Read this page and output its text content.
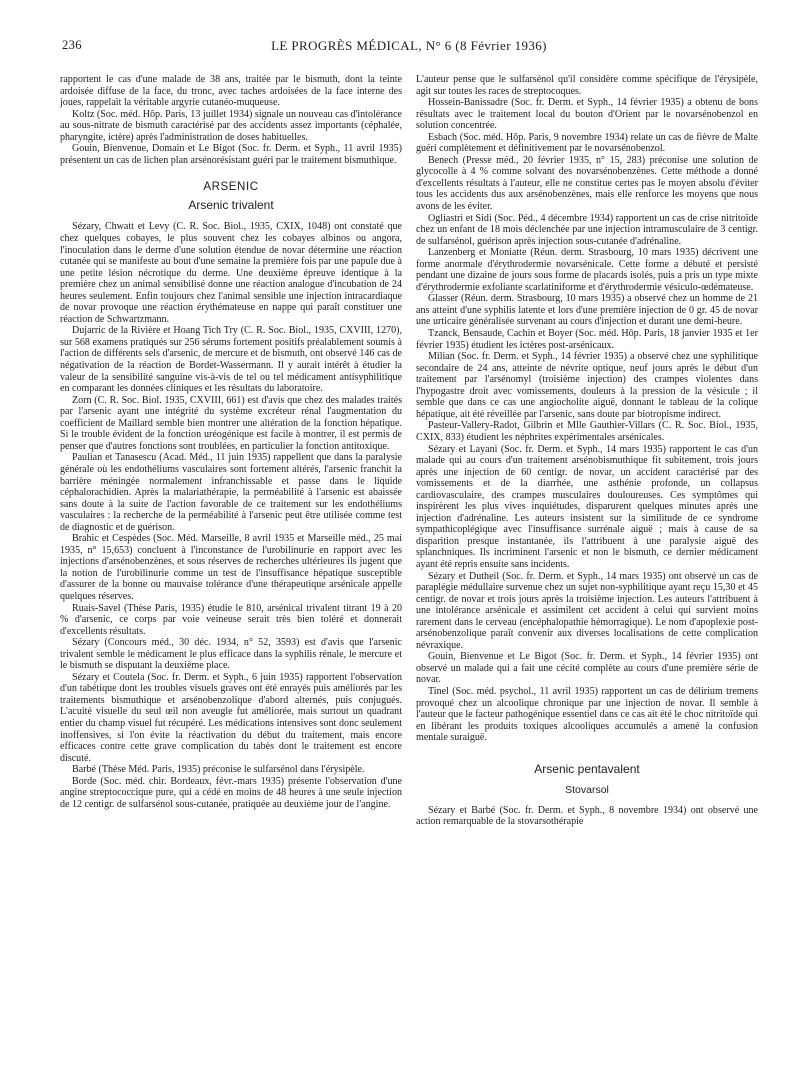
236	LE PROGRÈS MÉDICAL, N° 6 (8 Février 1936)

rapportent le cas d'une malade de 38 ans, traitée par le bismuth, dont la teinte ardoisée diffuse de la face, du tronc, avec taches ardoisées de la face interne des joues, rappelait la véritable argyrie cutanéo-muqueuse.

Koltz (Soc. méd. Hôp. Paris, 13 juillet 1934) signale un nouveau cas d'intolérance au sous-nitrate de bismuth caractérisé par des accidents assez importants (céphalée, pharyngite, ictère) après l'administration de doses habituelles.

Gouin, Bienvenue, Domain et Le Bigot (Soc. fr. Derm. et Syph., 11 avril 1935) présentent un cas de lichen plan arsénorésistant guéri par le traitement bismuthique.

ARSENIC
Arsenic trivalent

Sézary, Chwatt et Levy (C. R. Soc. Biol., 1935, CXIX, 1048) ont constaté que chez quelques cobayes, le plus souvent chez les cobayes albinos ou angora, l'inoculation dans le derme d'une solution étendue de novar détermine une réaction cutanée qui se manifeste au bout d'une semaine la première fois par une papule due à une petite lésion nécrotique du derme. Une deuxième épreuve identique à la première chez un animal sensibilisé donne une réaction analogue d'incubation de 24 heures seulement. Enfin toujours chez l'animal sensible une injection intracardiaque de novar provoque une réaction érythémateuse en nappe qui paraît constituer une réaction de Schwartzmann.

Dujarric de la Rivière et Hoang Tich Try (C. R. Soc. Biol., 1935, CXVIII, 1270), sur 568 examens pratiqués sur 256 sérums fortement positifs préalablement soumis à l'action de différents sels d'arsenic, de mercure et de bismuth, ont observé 146 cas de négativation de la réaction de Bordet-Wassermann. Il y aurait intérêt à étudier la valeur de la sensibilité sanguine vis-à-vis de tel ou tel médicament antisyphilitique en comparant les données cliniques et les résultats du laboratoire.

Zorn (C. R. Soc. Biol. 1935, CXVIII, 661) est d'avis que chez des malades traités par l'arsenic ayant une intégrité du système excréteur rénal l'augmentation du coefficient de Maillard semble bien montrer une altération de la fonction hépatique. Si le trouble évident de la fonction uréogénique est facile à montrer, il est permis de penser que d'autres fonctions sont troublées, en particulier la fonction antitoxique.

Paulian et Tanasescu (Acad. Méd., 11 juin 1935) rappellent que dans la paralysie générale où les endothéliums vasculaires sont fortement altérés, l'arsenic franchit la barrière méningée normalement infranchissable et passe dans le liquide céphalorachidien. Après la malariathérapie, la perméabilité à l'arsenic est abaissée sans doute à la suite de l'action favorable de ce traitement sur les endothéliums vasculaires : la recherche de la perméabilité à l'arsenic peut être utilisée comme test de diagnostic et de guérison.

Brahic et Cespèdes (Soc. Méd. Marseille, 8 avril 1935 et Marseille méd., 25 mai 1935, n° 15,653) concluent à l'inconstance de l'urobilinurie en rapport avec les injections d'arsénobenzènes, et sous réserves de recherches ultérieures ils jugent que la notion de l'urobilinurie comme un test de l'insuffisance hépatique susceptible d'assurer de la bonne ou mauvaise tolérance d'une thérapeutique arsénicale appelle quelques réserves.

Ruais-Savel (Thèse Paris, 1935) étudie le 810, arsénical trivalent titrant 19 à 20 % d'arsenic, ce corps par voie veineuse serait très bien toléré et donnerait d'excellents résultats.

Sézary (Concours méd., 30 déc. 1934, n° 52, 3593) est d'avis que l'arsenic trivalent semble le médicament le plus efficace dans la syphilis rénale, le mercure et le bismuth se disputant la deuxième place.

Sézary et Coutela (Soc. fr. Derm. et Syph., 6 juin 1935) rapportent l'observation d'un tabétique dont les troubles visuels graves ont été enrayés puis améliorés par les traitements bismuthique et arsénobenzolique d'abord alternés, puis conjugués. L'acuité visuelle du seul œil non aveugle fut améliorée, mais surtout un quadrant entier du champ visuel fut récupéré. Les médications intensives sont donc seulement inoffensives, si l'on évite la réactivation du début du traitement, mais encore efficaces contre cette grave complication du tabès dont le traitement est encore discuté.

Barbé (Thèse Méd. Paris, 1935) préconise le sulfarsénol dans l'érysipèle.

Borde (Soc. méd. chir. Bordeaux, févr.-mars 1935) présente l'observation d'une angine streptococcique pure, qui a cédé en moins de 48 heures à une seule injection de 12 centigr. de sulfarsénol sous-cutanée, pratiquée au deuxième jour de l'angine.

L'auteur pense que le sulfarsénol qu'il considère comme spécifique de l'érysipèle, agit sur toutes les races de streptocoques.

Hossein-Banissadre (Soc. fr. Derm. et Syph., 14 février 1935) a obtenu de bons résultats avec le traitement local du bouton d'Orient par le novarsénobenzol en solution concentrée.

Esbach (Soc. méd. Hôp. Paris, 9 novembre 1934) relate un cas de fièvre de Malte guéri complètement et définitivement par le novarsénobenzol.

Benech (Presse méd., 20 février 1935, n° 15, 283) préconise une solution de glycocolle à 4 % comme solvant des novarsénobenzènes. Cette méthode a donné d'excellents résultats à l'auteur, elle ne constitue certes pas le moyen absolu d'éviter tous les accidents dus aux arsénobenzènes, mais elle renforce les moyens que nous avons de les éviter.

Ogliastri et Sidi (Soc. Péd., 4 décembre 1934) rapportent un cas de crise nitritoïde chez un enfant de 18 mois déclenchée par une injection intramusculaire de 3 centigr. de sulfarsénol, guérison après injection sous-cutanée d'adrénaline.

Lanzenberg et Moniatte (Réun. derm. Strasbourg, 10 mars 1935) décrivent une forme anormale d'érythrodermie novarsénicale. Cette forme a débuté et persisté pendant une dizaine de jours sous forme de placards isolés, puis a pris un type mixte d'érythrodermie exfoliante scarlatiniforme et d'érythrodermie vésiculo-œdémateuse.

Glasser (Réun. derm. Strasbourg, 10 mars 1935) a observé chez un homme de 21 ans atteint d'une syphilis latente et lors d'une première injection de 0 gr. 45 de novar une urticaire généralisée survenant au cours d'injection et durant une demi-heure.

Tzanck, Bensaude, Cachin et Boyer (Soc. méd. Hôp. Paris, 18 janvier 1935 et 1er février 1935) étudient les ictères post-arsénicaux.

Milian (Soc. fr. Derm. et Syph., 14 février 1935) a observé chez une syphilitique secondaire de 24 ans, atteinte de névrite optique, neuf jours après le début d'un traitement par l'arsénomyl (troisième injection) des crampes violentes dans l'hypogastre droit avec vomissements, douleurs à la pression de la vésicule ; il semble que dans ce cas une angiocholite aiguë, donnant le tableau de la colique hépatique, ait été réveillée par l'arsenic, sans doute par biotropisme indirect.

Pasteur-Vallery-Radot, Gilbrin et Mlle Gauthier-Villars (C. R. Soc. Biol., 1935, CXIX, 833) étudient les néphrites expérimentales arsénicales.

Sézary et Layani (Soc. fr. Derm. et Syph., 14 mars 1935) rapportent le cas d'un malade qui au cours d'un traitement arsénobismuthique fit subitement, trois jours après une injection de 60 centigr. de novar, un accident caractérisé par des vomissements et de la diarrhée, une asthénie profonde, un collapsus cardiovasculaire, des crampes musculaires douloureuses. Ces symptômes qui inspirèrent les plus vives inquiétudes, disparurent quelques minutes après une injection d'adrénaline. Les auteurs insistent sur la similitude de ce syndrome sympathicoplégique avec l'insuffisance surrénale aiguë ; mais à cause de sa disparition presque instantanée, ils l'attribuent à une paralysie aiguë des splanchniques. Ils incriminent l'arsenic et non le bismuth, ce dernier médicament ayant été repris ensuite sans incidents.

Sézary et Dutheil (Soc. fr. Derm. et Syph., 14 mars 1935) ont observé un cas de paraplégie médullaire survenue chez un sujet non-syphilitique ayant reçu 15,30 et 45 centigr. de novar et trois jours après la troisième injection. Les auteurs l'attribuent à une intolérance arsénicale et assimilent cet accident à celui qui survient moins rarement dans le cerveau (encéphalopathie hémorragique). Le nom d'apoplexie post-arsénobenzolique paraît convenir aux diverses localisations de cette complication névraxique.

Gouin, Bienvenue et Le Bigot (Soc. fr. Derm. et Syph., 14 février 1935) ont observé un malade qui a fait une cécité complète au cours d'une première série de novar.

Tinel (Soc. méd. psychol., 11 avril 1935) rapportent un cas de délirium tremens provoqué chez un alcoolique chronique par une injection de novar. Il semble à l'auteur que le facteur pathogénique essentiel dans ce cas ait été le choc nitritoïde qui en libérant les produits toxiques alcooliques accumulés a amené la confusion mentale suraiguë.

Arsenic pentavalent
Stovarsol

Sézary et Barbé (Soc. fr. Derm. et Syph., 8 novembre 1934) ont observé une action remarquable de la stovarsothérapie
